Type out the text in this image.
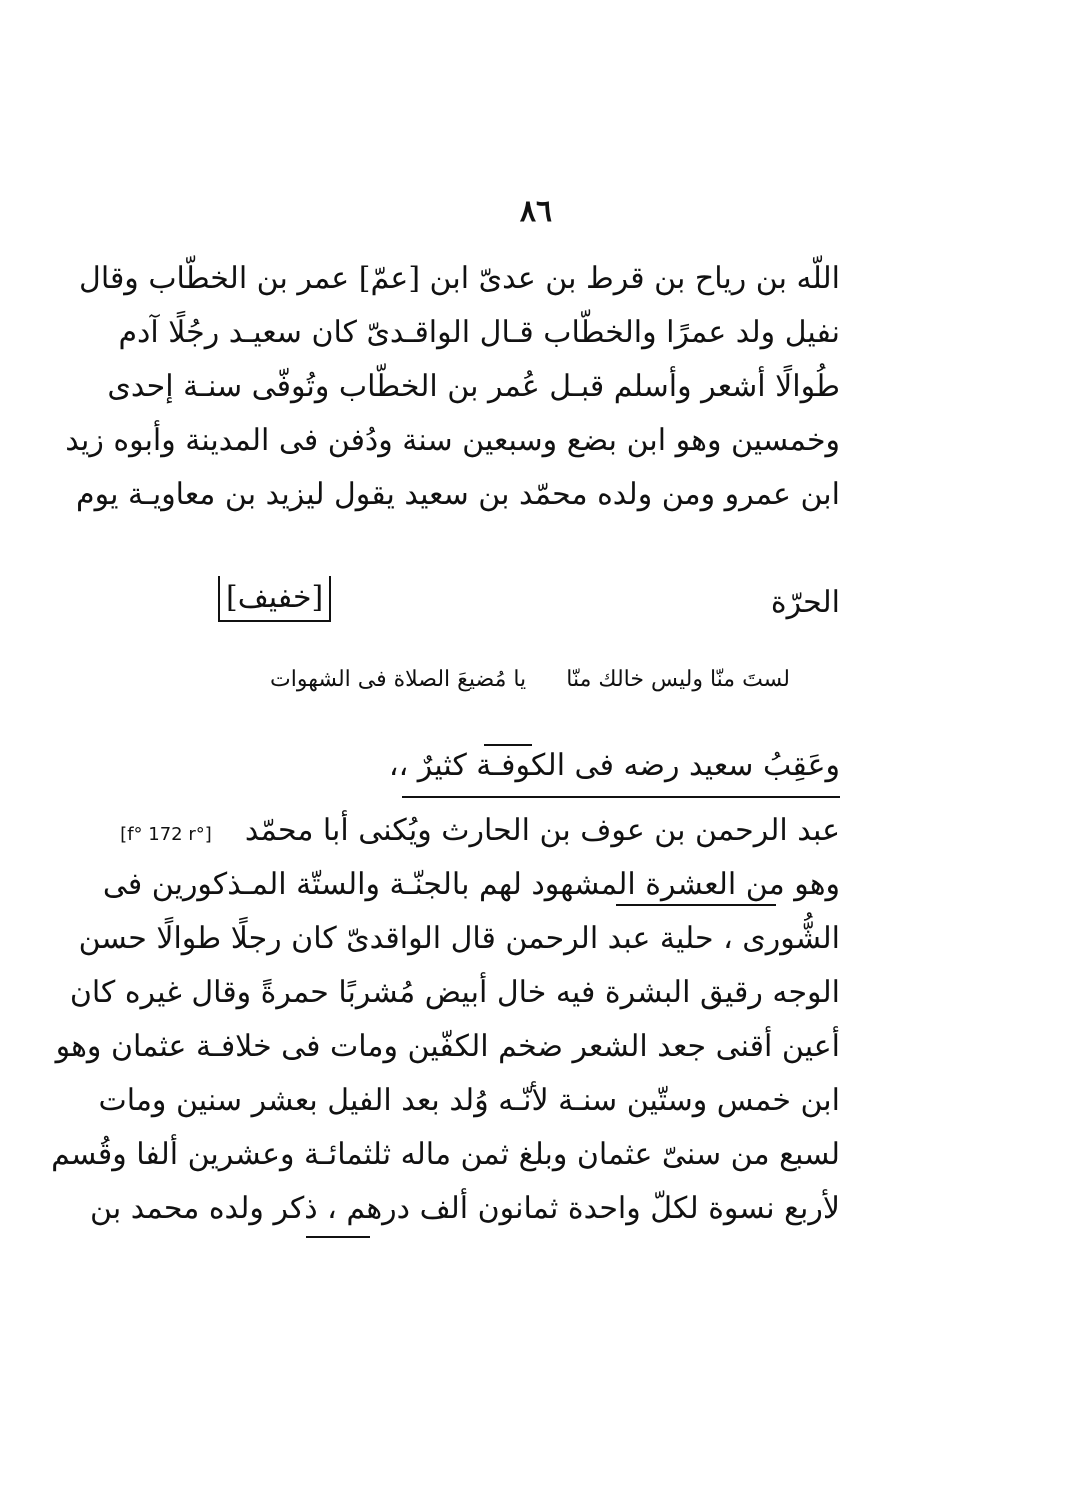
٨٦
اللّه بن رياح بن قرط بن عدىّ ابن [عمّ] عمر بن الخطّاب وقال
نفيل ولد عمرًا والخطّاب قـال الواقـدىّ كان سعيـد رجُلًا آدم
طُوالًا أشعر وأسلم قبـل عُمر بن الخطّاب وتُوفّى سنـة إحدى
وخمسين وهو ابن بضع وسبعين سنة ودُفن فى المدينة وأبوه زيد
ابن عمرو ومن ولده محمّد بن سعيد يقول ليزيد بن معاويـة يوم
الحرّة
[خفيف]
لستَ منّا وليس خالك منّا
يا مُضيعَ الصلاة فى الشهوات
وعَقِبُ سعيد رضه فى الكوفـة كثيرٌ ،،
عبد الرحمن بن عوف بن الحارث ويُكنى أبا محمّد  [f° 172 r°]
وهو من العشرة المشهود لهم بالجنّـة والستّة المـذكورين فى
الشُّورى ، حلية عبد الرحمن قال الواقدىّ كان رجلًا طوالًا حسن
الوجه رقيق البشرة فيه خال أبيض مُشربًا حمرةً وقال غيره كان
أعين أقنى جعد الشعر ضخم الكفّين ومات فى خلافـة عثمان وهو
ابن خمس وستّين سنـة لأنّـه وُلد بعد الفيل بعشر سنين ومات
لسبع من سنىّ عثمان وبلغ ثمن ماله ثلثمائـة وعشرين ألفا وقُسم
لأربع نسوة لكلّ واحدة ثمانون ألف درهم ، ذكر ولده محمد بن
